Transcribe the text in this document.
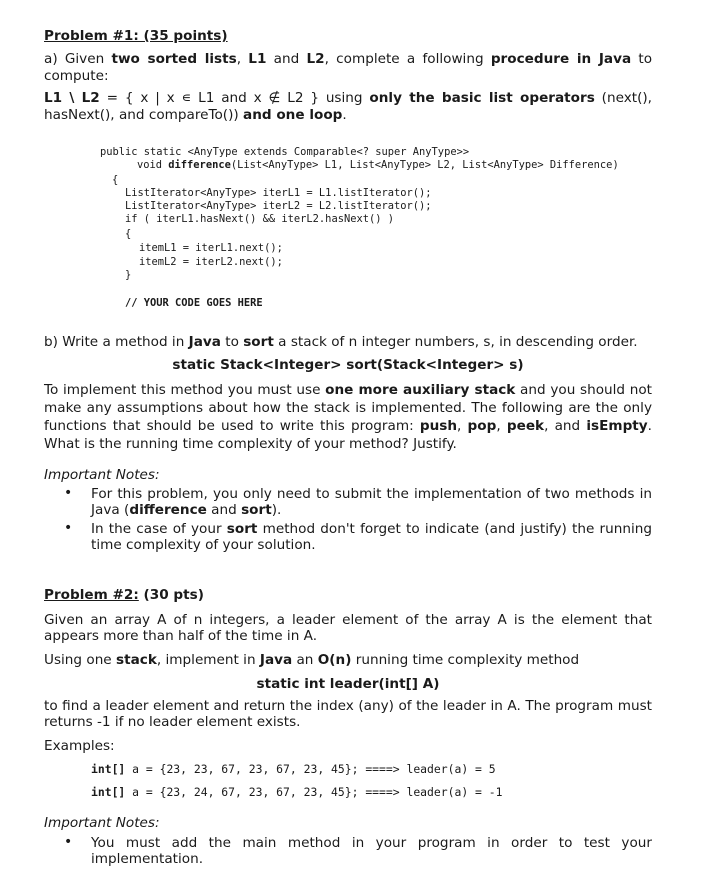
Problem #1: (35 points)
a) Given two sorted lists, L1 and L2, complete a following procedure in Java to compute:
L1 \ L2 = { x | x ∊ L1 and x ∉ L2 } using only the basic list operators (next(), hasNext(), and compareTo()) and one loop.
public static <AnyType extends Comparable<? super AnyType>>
void difference(List<AnyType> L1, List<AnyType> L2, List<AnyType> Difference)
{
ListIterator<AnyType> iterL1 = L1.listIterator();
ListIterator<AnyType> iterL2 = L2.listIterator();
if ( iterL1.hasNext() && iterL2.hasNext() )
{
itemL1 = iterL1.next();
itemL2 = iterL2.next();
}
// YOUR CODE GOES HERE
b) Write a method in Java to sort a stack of n integer numbers, s, in descending order.
static Stack<Integer> sort(Stack<Integer> s)
To implement this method you must use one more auxiliary stack and you should not make any assumptions about how the stack is implemented. The following are the only functions that should be used to write this program: push, pop, peek, and isEmpty. What is the running time complexity of your method? Justify.
Important Notes:
• For this problem, you only need to submit the implementation of two methods in Java (difference and sort).
• In the case of your sort method don't forget to indicate (and justify) the running time complexity of your solution.
Problem #2: (30 pts)
Given an array A of n integers, a leader element of the array A is the element that appears more than half of the time in A.
Using one stack, implement in Java an O(n) running time complexity method
static int leader(int[] A)
to find a leader element and return the index (any) of the leader in A. The program must returns -1 if no leader element exists.
Examples:
int[] a = {23, 23, 67, 23, 67, 23, 45}; ====> leader(a) = 5
int[] a = {23, 24, 67, 23, 67, 23, 45}; ====> leader(a) = -1
Important Notes:
• You must add the main method in your program in order to test your implementation.
